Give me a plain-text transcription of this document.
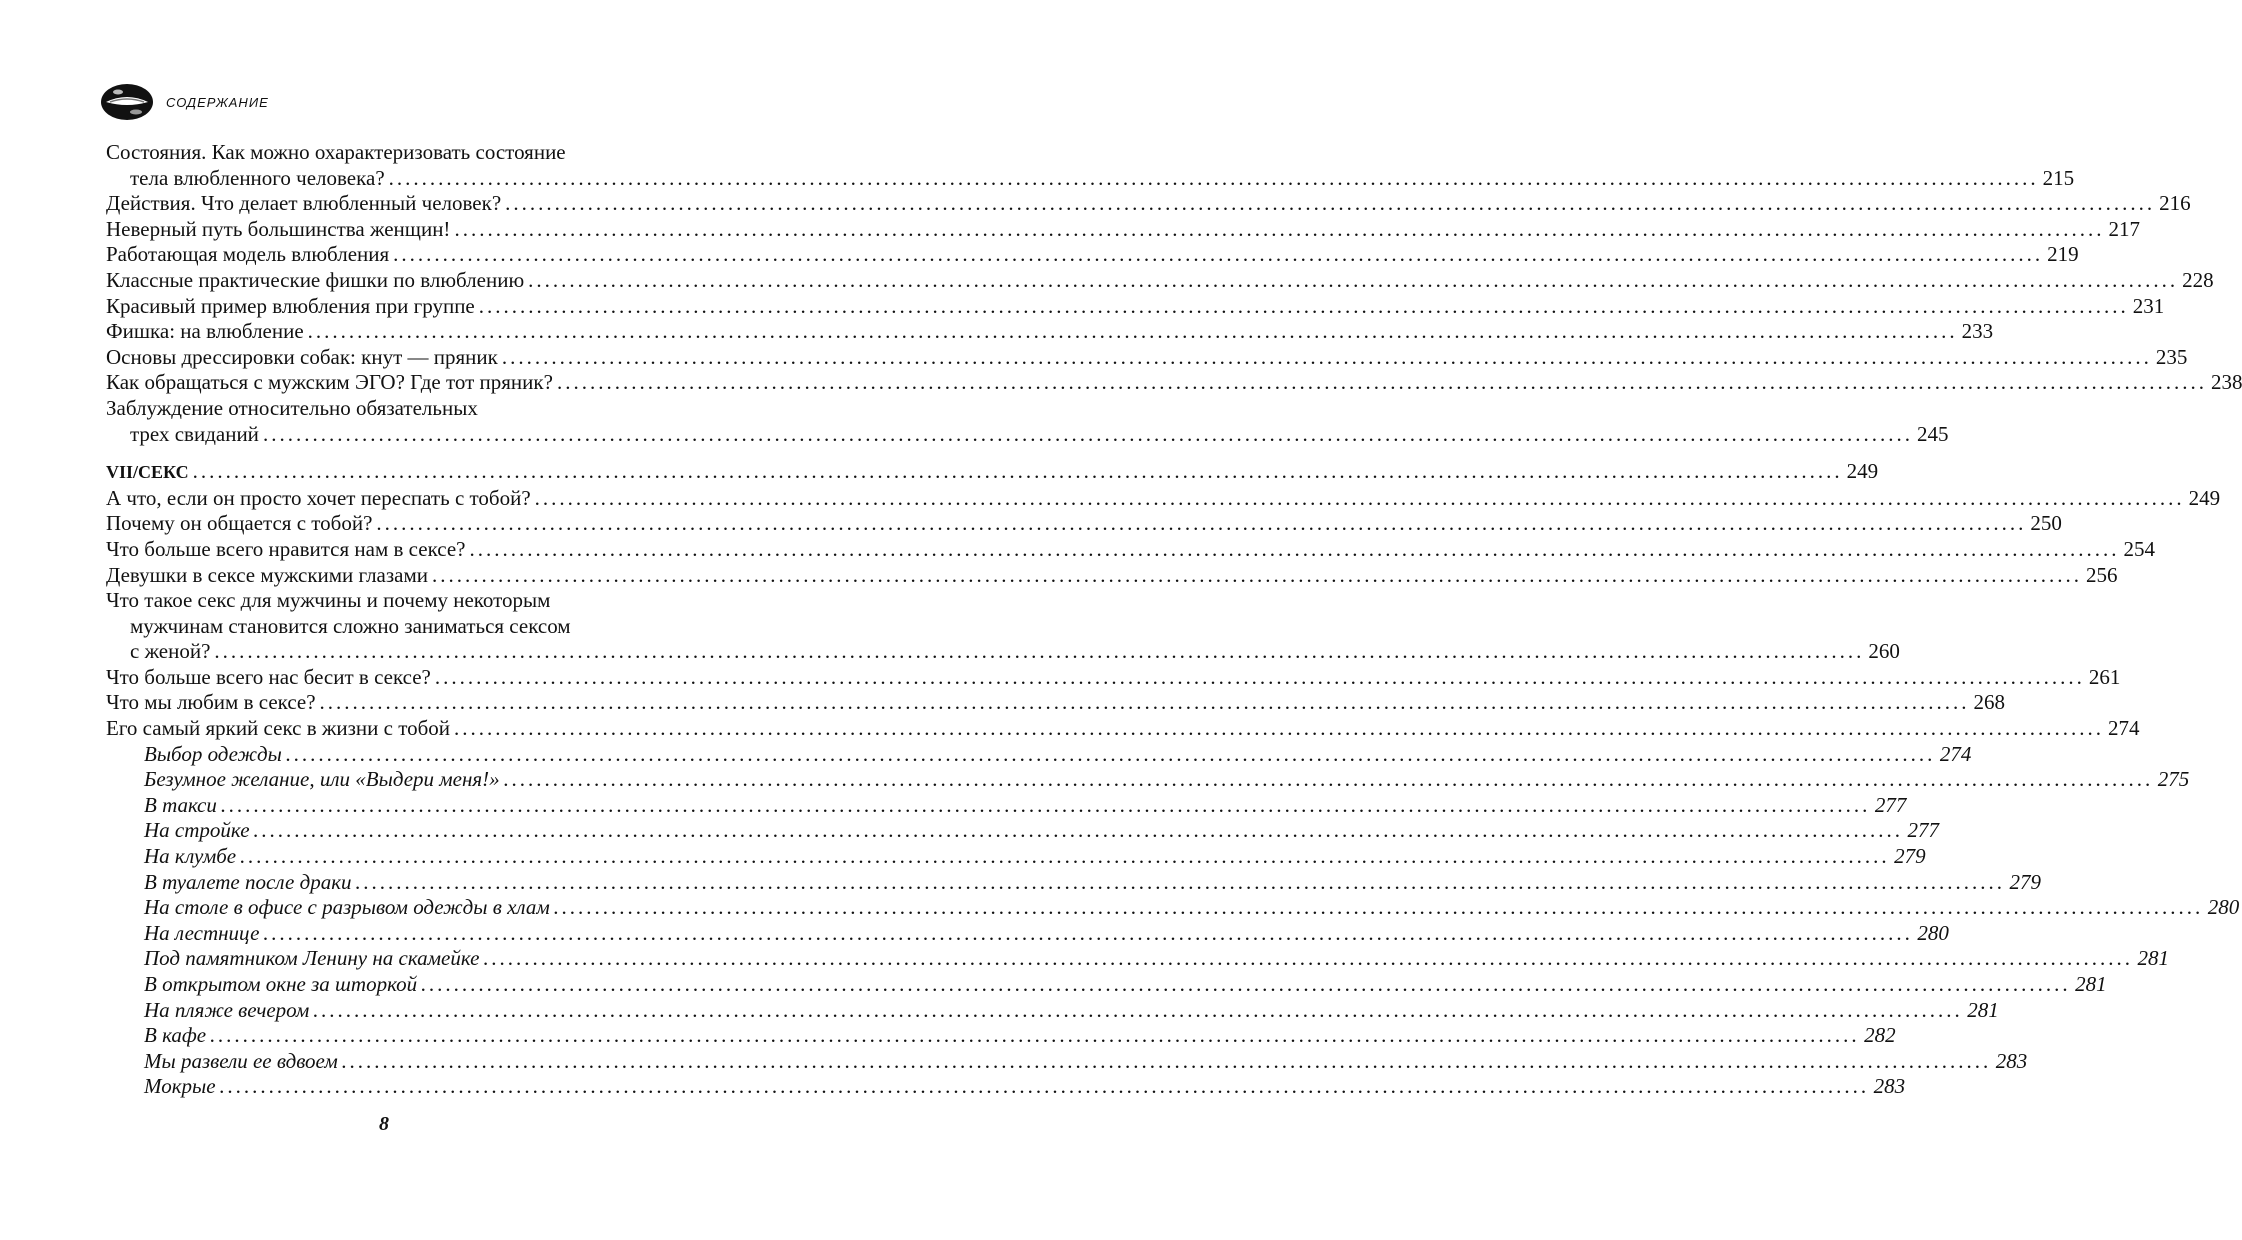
СОДЕРЖАНИЕ
Состояния. Как можно охарактеризовать состояние
тела влюбленного человека? ........................................................................................................................................................................................................ 215
Действия. Что делает влюбленный человек? ........................................................................................................................................................................................................ 216
Неверный путь большинства женщин! ........................................................................................................................................................................................................ 217
Работающая модель влюбления ........................................................................................................................................................................................................ 219
Классные практические фишки по влюблению ........................................................................................................................................................................................................ 228
Красивый пример влюбления при группе ........................................................................................................................................................................................................ 231
Фишка: на влюбление ........................................................................................................................................................................................................ 233
Основы дрессировки собак: кнут — пряник ........................................................................................................................................................................................................ 235
Как обращаться с мужским ЭГО? Где тот пряник? ........................................................................................................................................................................................................ 238
Заблуждение относительно обязательных
трех свиданий ........................................................................................................................................................................................................ 245
VII/СЕКС ........................................................................................................................................................................................................ 249
А что, если он просто хочет переспать с тобой? ........................................................................................................................................................................................................ 249
Почему он общается с тобой? ........................................................................................................................................................................................................ 250
Что больше всего нравится нам в сексе? ........................................................................................................................................................................................................ 254
Девушки в сексе мужскими глазами ........................................................................................................................................................................................................ 256
Что такое секс для мужчины и почему некоторым
мужчинам становится сложно заниматься сексом
с женой? ........................................................................................................................................................................................................ 260
Что больше всего нас бесит в сексе? ........................................................................................................................................................................................................ 261
Что мы любим в сексе? ........................................................................................................................................................................................................ 268
Его самый яркий секс в жизни с тобой ........................................................................................................................................................................................................ 274
Выбор одежды ........................................................................................................................................................................................................ 274
Безумное желание, или «Выдери меня!» ........................................................................................................................................................................................................ 275
В такси ........................................................................................................................................................................................................ 277
На стройке ........................................................................................................................................................................................................ 277
На клумбе ........................................................................................................................................................................................................ 279
В туалете после драки ........................................................................................................................................................................................................ 279
На столе в офисе с разрывом одежды в хлам ........................................................................................................................................................................................................ 280
На лестнице ........................................................................................................................................................................................................ 280
Под памятником Ленину на скамейке ........................................................................................................................................................................................................ 281
В открытом окне за шторкой ........................................................................................................................................................................................................ 281
На пляже вечером ........................................................................................................................................................................................................ 281
В кафе ........................................................................................................................................................................................................ 282
Мы развели ее вдвоем ........................................................................................................................................................................................................ 283
Мокрые ........................................................................................................................................................................................................ 283
8
